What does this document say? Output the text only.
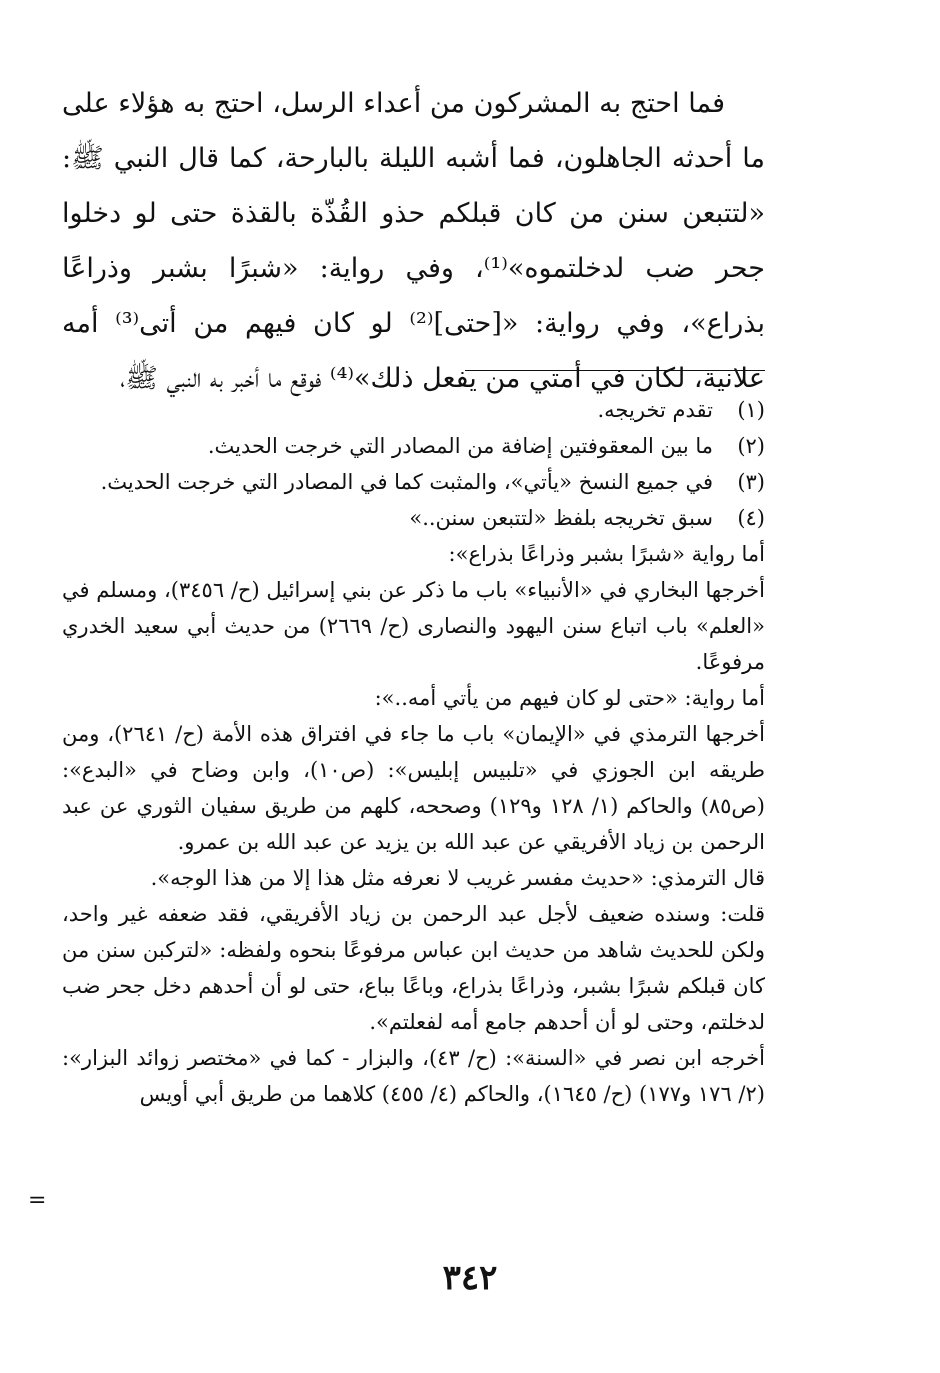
فما احتج به المشركون من أعداء الرسل، احتج به هؤلاء على ما أحدثه الجاهلون، فما أشبه الليلة بالبارحة، كما قال النبي ﷺ: «لتتبعن سنن من كان قبلكم حذو القُذّة بالقذة حتى لو دخلوا جحر ضب لدخلتموه»⁽¹⁾، وفي رواية: «شبرًا بشبر وذراعًا بذراع»، وفي رواية: «[حتى]⁽²⁾ لو كان فيهم من أتى⁽³⁾ أمه علانية، لكان في أمتي من يفعل ذلك»⁽⁴⁾ فوقع ما أخبر به النبي ﷺ،

(١)
تقدم تخريجه.
(٢)
ما بين المعقوفتين إضافة من المصادر التي خرجت الحديث.
(٣)
في جميع النسخ «يأتي»، والمثبت كما في المصادر التي خرجت الحديث.
(٤)
سبق تخريجه بلفظ «لتتبعن سنن..»
أما رواية «شبرًا بشبر وذراعًا بذراع»:
أخرجها البخاري في «الأنبياء» باب ما ذكر عن بني إسرائيل (ح/ ٣٤٥٦)، ومسلم في «العلم» باب اتباع سنن اليهود والنصارى (ح/ ٢٦٦٩) من حديث أبي سعيد الخدري مرفوعًا.
أما رواية: «حتى لو كان فيهم من يأتي أمه..»:
أخرجها الترمذي في «الإيمان» باب ما جاء في افتراق هذه الأمة (ح/ ٢٦٤١)، ومن طريقه ابن الجوزي في «تلبيس إبليس»: (ص١٠)، وابن وضاح في «البدع»: (ص٨٥) والحاكم (١/ ١٢٨ و١٢٩) وصححه، كلهم من طريق سفيان الثوري عن عبد الرحمن بن زياد الأفريقي عن عبد الله بن يزيد عن عبد الله بن عمرو.
قال الترمذي: «حديث مفسر غريب لا نعرفه مثل هذا إلا من هذا الوجه».
قلت: وسنده ضعيف لأجل عبد الرحمن بن زياد الأفريقي، فقد ضعفه غير واحد، ولكن للحديث شاهد من حديث ابن عباس مرفوعًا بنحوه ولفظه: «لتركبن سنن من كان قبلكم شبرًا بشبر، وذراعًا بذراع، وباعًا بباع، حتى لو أن أحدهم دخل جحر ضب لدخلتم، وحتى لو أن أحدهم جامع أمه لفعلتم».
أخرجه ابن نصر في «السنة»: (ح/ ٤٣)، والبزار - كما في «مختصر زوائد البزار»: (٢/ ١٧٦ و١٧٧) (ح/ ١٦٤٥)، والحاكم (٤/ ٤٥٥) كلاهما من طريق أبي أويس
=
٣٤٢
